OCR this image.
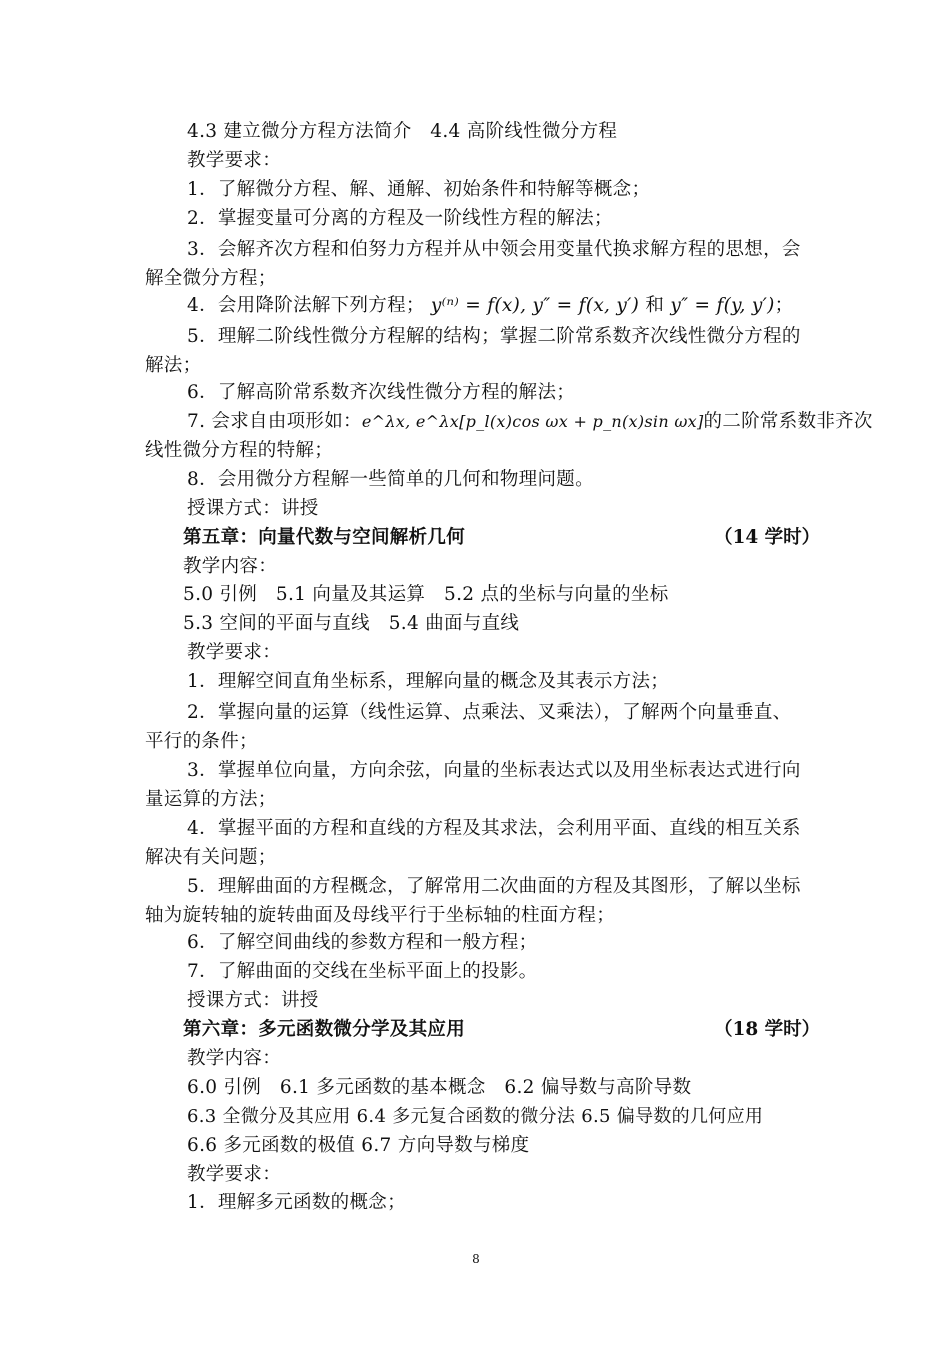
4.3 建立微分方程方法简介　4.4 高阶线性微分方程
教学要求：
1．了解微分方程、解、通解、初始条件和特解等概念；
2．掌握变量可分离的方程及一阶线性方程的解法；
3．会解齐次方程和伯努力方程并从中领会用变量代换求解方程的思想，会解全微分方程；
4．会用降阶法解下列方程； y⁽ⁿ⁾ = f(x), y″ = f(x, y′) 和 y″ = f(y, y′)；
5．理解二阶线性微分方程解的结构；掌握二阶常系数齐次线性微分方程的解法；
6．了解高阶常系数齐次线性微分方程的解法；
7. 会求自由项形如：e^λx, e^λx[p_l(x)cos ωx + p_n(x)sin ωx]的二阶常系数非齐次
线性微分方程的特解；
8．会用微分方程解一些简单的几何和物理问题。
授课方式：讲授
第五章：向量代数与空间解析几何	（14 学时）
教学内容：
5.0 引例　5.1 向量及其运算　5.2 点的坐标与向量的坐标
5.3 空间的平面与直线　5.4 曲面与直线
教学要求：
1．理解空间直角坐标系，理解向量的概念及其表示方法；
2．掌握向量的运算（线性运算、点乘法、叉乘法），了解两个向量垂直、平行的条件；
3．掌握单位向量，方向余弦，向量的坐标表达式以及用坐标表达式进行向量运算的方法；
4．掌握平面的方程和直线的方程及其求法，会利用平面、直线的相互关系解决有关问题；
5．理解曲面的方程概念，了解常用二次曲面的方程及其图形，了解以坐标轴为旋转轴的旋转曲面及母线平行于坐标轴的柱面方程；
6．了解空间曲线的参数方程和一般方程；
7．了解曲面的交线在坐标平面上的投影。
授课方式：讲授
第六章：多元函数微分学及其应用	（18 学时）
教学内容：
6.0 引例　6.1 多元函数的基本概念　6.2 偏导数与高阶导数
6.3 全微分及其应用 6.4 多元复合函数的微分法 6.5 偏导数的几何应用
6.6 多元函数的极值 6.7 方向导数与梯度
教学要求：
1．理解多元函数的概念；
8
